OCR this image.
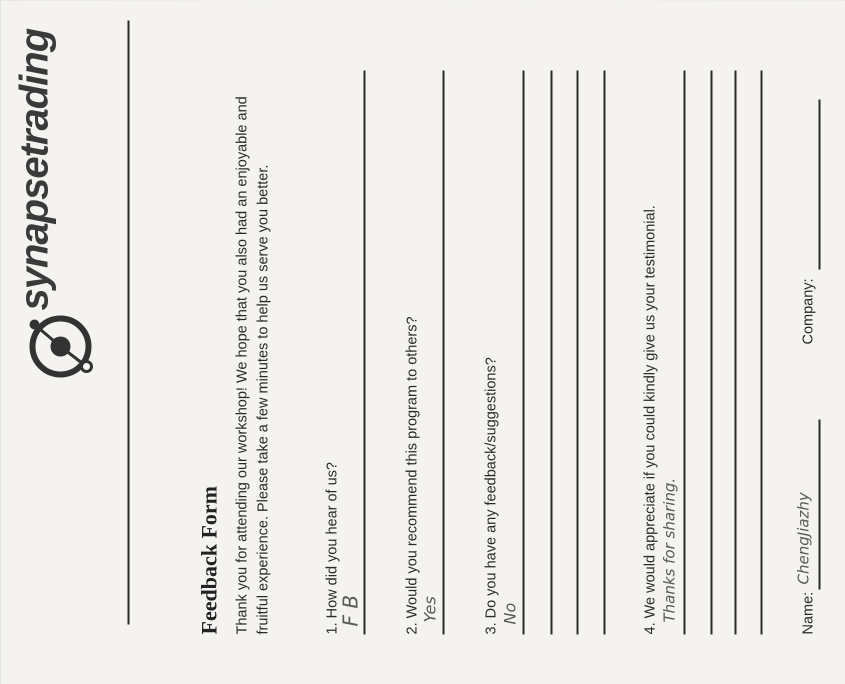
synapsetrading
Feedback Form Thank you for attending our workshop! We hope that you also had an enjoyable and fruitful experience. Please take a few minutes to help us serve you better.	1. How did you hear of us?
F B	2. Would you recommend this program to others? Yes	3. Do you have any feedback/suggestions? No	4. We would appreciate if you could kindly give us your testimonial. Thanks for sharing.	Name:
ChengJiazhy
Company:
